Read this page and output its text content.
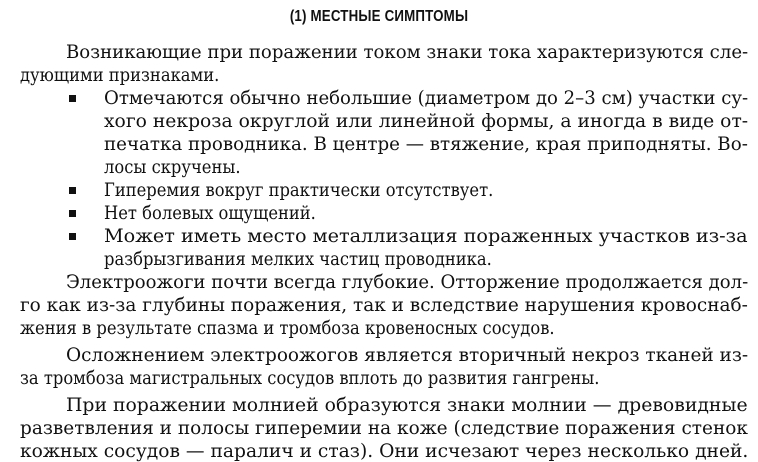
(1) МЕСТНЫЕ СИМПТОМЫ
Возникающие при поражении током знаки тока характеризуются сле-
дующими признаками.
Отмечаются обычно небольшие (диаметром до 2–3 см) участки су-
хого некроза округлой или линейной формы, а иногда в виде от-
печатка проводника. В центре — втяжение, края приподняты. Во-
лосы скручены.
Гиперемия вокруг практически отсутствует.
Нет болевых ощущений.
Может иметь место металлизация пораженных участков из-за
разбрызгивания мелких частиц проводника.
Электроожоги почти всегда глубокие. Отторжение продолжается дол-
го как из-за глубины поражения, так и вследствие нарушения кровоснаб-
жения в результате спазма и тромбоза кровеносных сосудов.
Осложнением электроожогов является вторичный некроз тканей из-
за тромбоза магистральных сосудов вплоть до развития гангрены.
При поражении молнией образуются знаки молнии — древовидные
разветвления и полосы гиперемии на коже (следствие поражения стенок
кожных сосудов — паралич и стаз). Они исчезают через несколько дней.
